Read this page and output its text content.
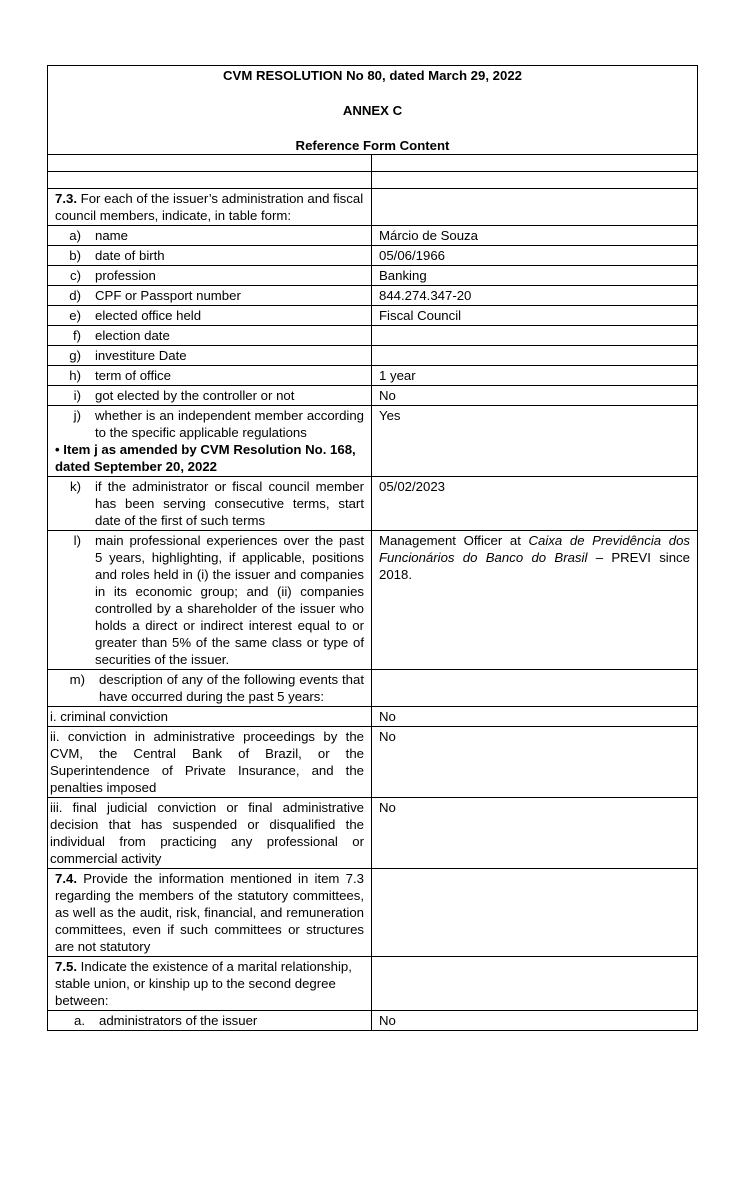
CVM RESOLUTION No 80, dated March 29, 2022

ANNEX C

Reference Form Content	

7.3. For each of the issuer’s administration and fiscal council members, indicate, in table form:	

a) name	Márcio de Souza

b) date of birth	05/06/1966

c) profession	Banking

d) CPF or Passport number	844.274.347-20

e) elected office held	Fiscal Council

f) election date	

g) investiture Date	

h) term of office	1 year

i) got elected by the controller or not	No

j) whether is an independent member according to the specific applicable regulations
• Item j as amended by CVM Resolution No. 168, dated September 20, 2022	Yes

k) if the administrator or fiscal council member has been serving consecutive terms, start date of the first of such terms	05/02/2023

l) main professional experiences over the past 5 years, highlighting, if applicable, positions and roles held in (i) the issuer and companies in its economic group; and (ii) companies controlled by a shareholder of the issuer who holds a direct or indirect interest equal to or greater than 5% of the same class or type of securities of the issuer.	Management Officer at Caixa de Previdência dos Funcionários do Banco do Brasil – PREVI since 2018.

m) description of any of the following events that have occurred during the past 5 years:	

i. criminal conviction	No
ii. conviction in administrative proceedings by the CVM, the Central Bank of Brazil, or the Superintendence of Private Insurance, and the penalties imposed	No
iii. final judicial conviction or final administrative decision that has suspended or disqualified the individual from practicing any professional or commercial activity	No
7.4. Provide the information mentioned in item 7.3 regarding the members of the statutory committees, as well as the audit, risk, financial, and remuneration committees, even if such committees or structures are not statutory	
7.5. Indicate the existence of a marital relationship, stable union, or kinship up to the second degree between:	

a. administrators of the issuer	No
